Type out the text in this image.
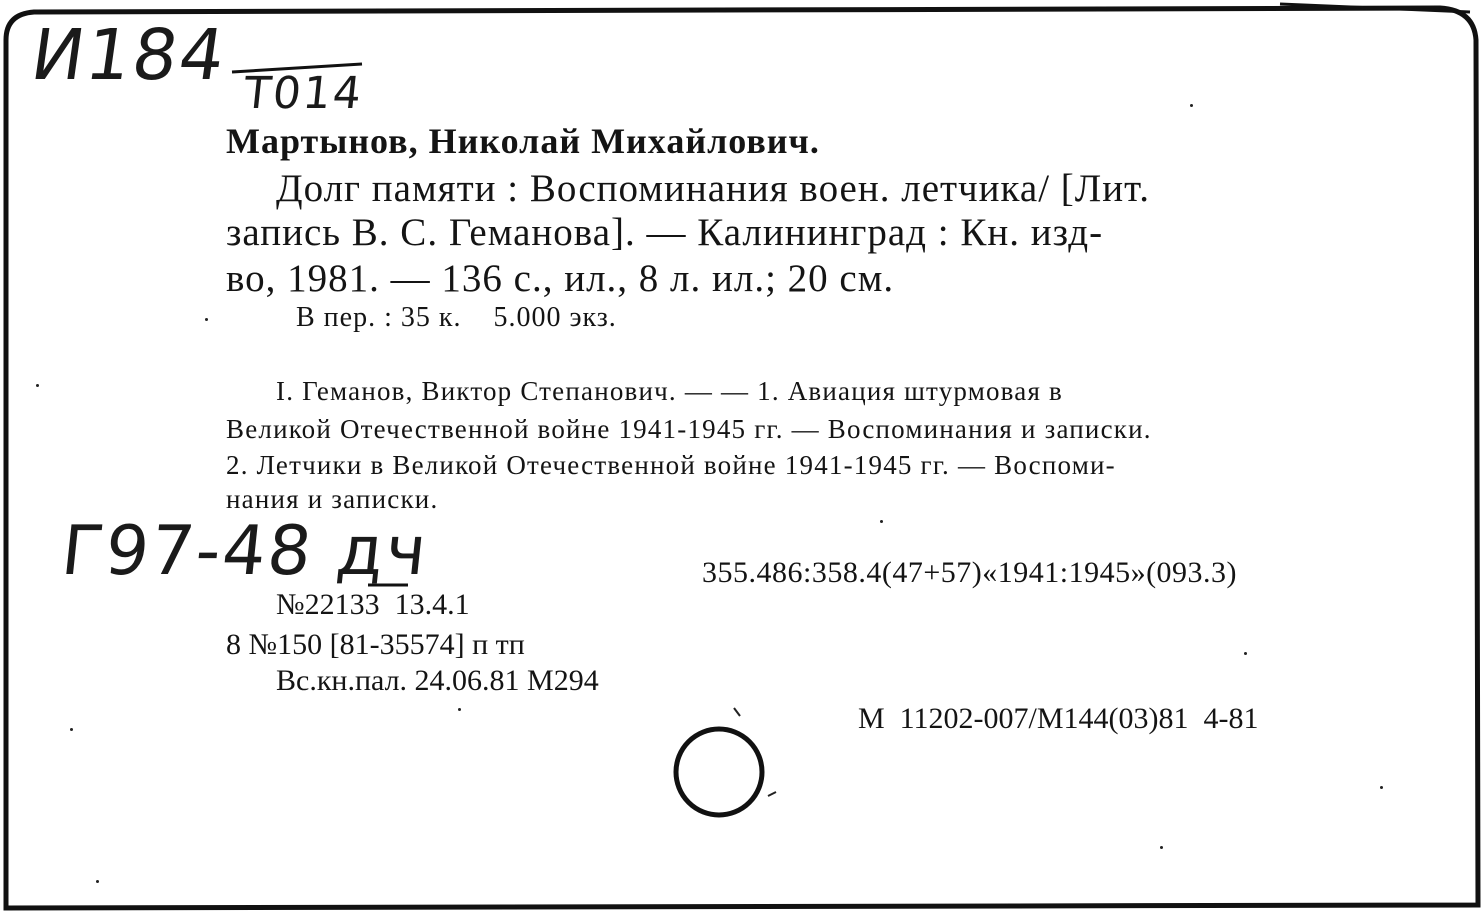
И184 Т014
Г97-48 дч
Мартынов, Николай Михайлович.
Долг памяти : Воспоминания воен. летчика/ [Лит.
запись В. С. Геманова]. — Калининград : Кн. изд-
во, 1981. — 136 с., ил., 8 л. ил.; 20 см.
В пер. : 35 к.    5.000 экз.
I. Геманов, Виктор Степанович. — — 1. Авиация штурмовая в
Великой Отечественной войне 1941-1945 гг. — Воспоминания и записки.
2. Летчики в Великой Отечественной войне 1941-1945 гг. — Воспоми-
нания и записки.
355.486:358.4(47+57)«1941:1945»(093.3)
№22133  13.4.1
8 №150 [81-35574] п тп
Вс.кн.пал. 24.06.81 М294
М  11202-007/М144(03)81  4-81
